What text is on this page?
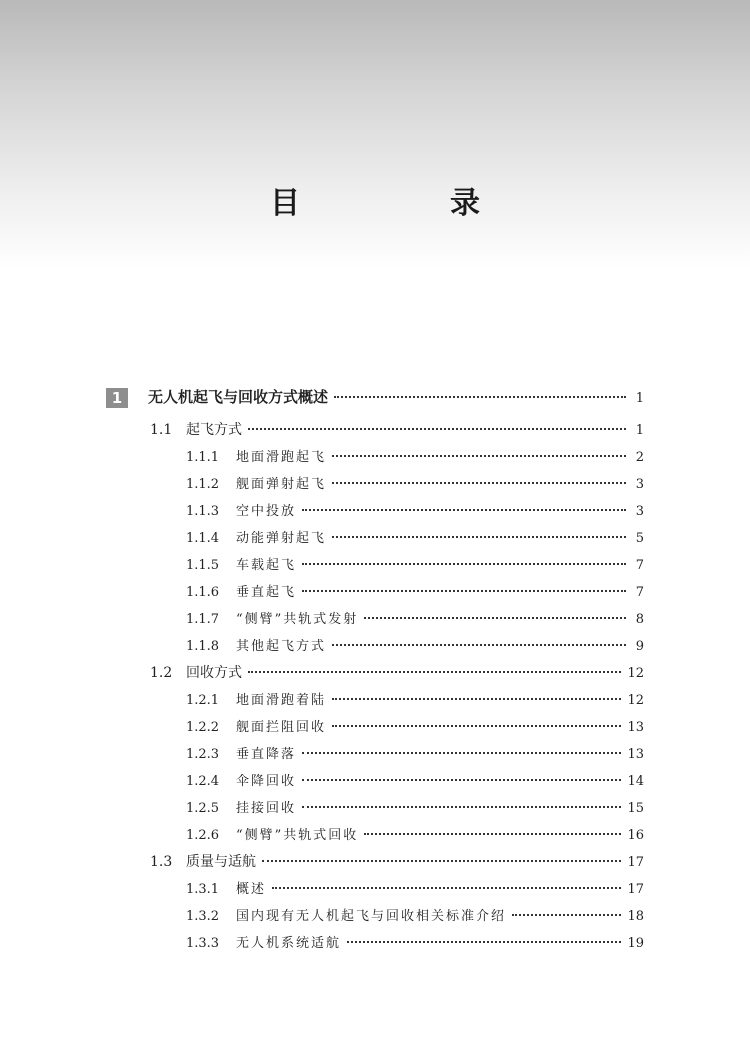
目　录
1	无人机起飞与回收方式概述	1
1.1 起飞方式	1
1.1.1	地面滑跑起飞	2
1.1.2	舰面弹射起飞	3
1.1.3	空中投放	3
1.1.4	动能弹射起飞	5
1.1.5	车载起飞	7
1.1.6	垂直起飞	7
1.1.7	“侧臂”共轨式发射	8
1.1.8	其他起飞方式	9
1.2 回收方式	12
1.2.1	地面滑跑着陆	12
1.2.2	舰面拦阻回收	13
1.2.3	垂直降落	13
1.2.4	伞降回收	14
1.2.5	挂接回收	15
1.2.6	“侧臂”共轨式回收	16
1.3 质量与适航	17
1.3.1	概述	17
1.3.2	国内现有无人机起飞与回收相关标准介绍	18
1.3.3	无人机系统适航	19
